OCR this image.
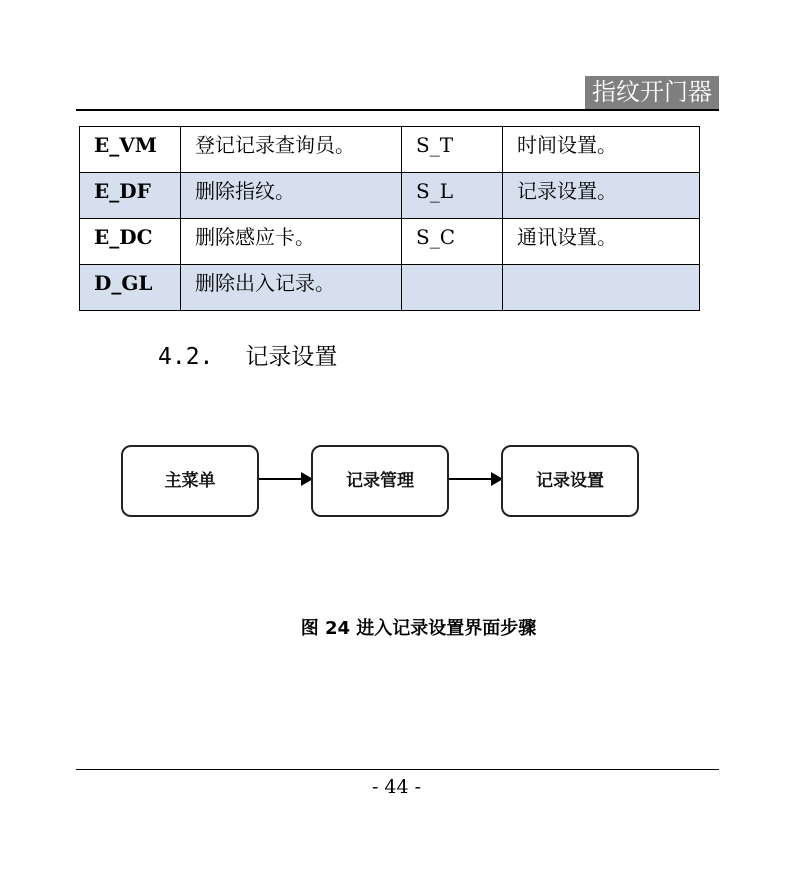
指纹开门器
E_VM	登记记录查询员。	S_T	时间设置。
E_DF	删除指纹。	S_L	记录设置。
E_DC	删除感应卡。	S_C	通讯设置。
D_GL	删除出入记录。		
4.2. 记录设置
主菜单	记录管理	记录设置
图 24 进入记录设置界面步骤
- 44 -
